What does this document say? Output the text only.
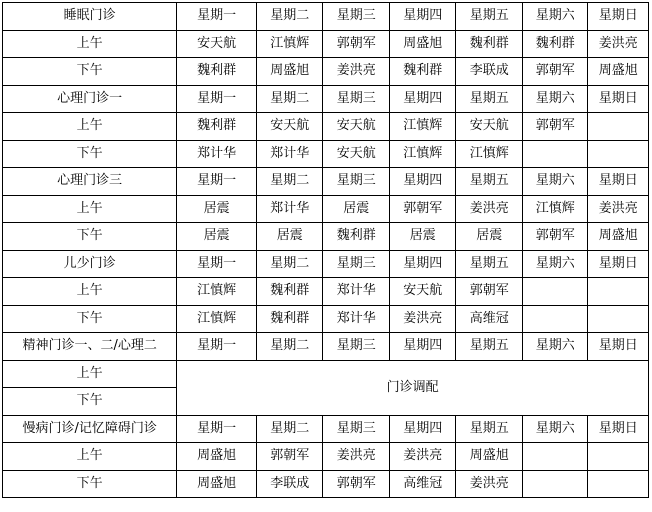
睡眠门诊	星期一	星期二	星期三	星期四	星期五	星期六	星期日
上午	安天航	江慎辉	郭朝军	周盛旭	魏利群	魏利群	姜洪亮
下午	魏利群	周盛旭	姜洪亮	魏利群	李联成	郭朝军	周盛旭
心理门诊一	星期一	星期二	星期三	星期四	星期五	星期六	星期日
上午	魏利群	安天航	安天航	江慎辉	安天航	郭朝军	
下午	郑计华	郑计华	安天航	江慎辉	江慎辉		
心理门诊三	星期一	星期二	星期三	星期四	星期五	星期六	星期日
上午	居震	郑计华	居震	郭朝军	姜洪亮	江慎辉	姜洪亮
下午	居震	居震	魏利群	居震	居震	郭朝军	周盛旭
儿少门诊	星期一	星期二	星期三	星期四	星期五	星期六	星期日
上午	江慎辉	魏利群	郑计华	安天航	郭朝军		
下午	江慎辉	魏利群	郑计华	姜洪亮	高维冠		
精神门诊一、二/心理二	星期一	星期二	星期三	星期四	星期五	星期六	星期日
上午	门诊调配						
下午							
慢病门诊/记忆障碍门诊	星期一	星期二	星期三	星期四	星期五	星期六	星期日
上午	周盛旭	郭朝军	姜洪亮	姜洪亮	周盛旭		
下午	周盛旭	李联成	郭朝军	高维冠	姜洪亮		
